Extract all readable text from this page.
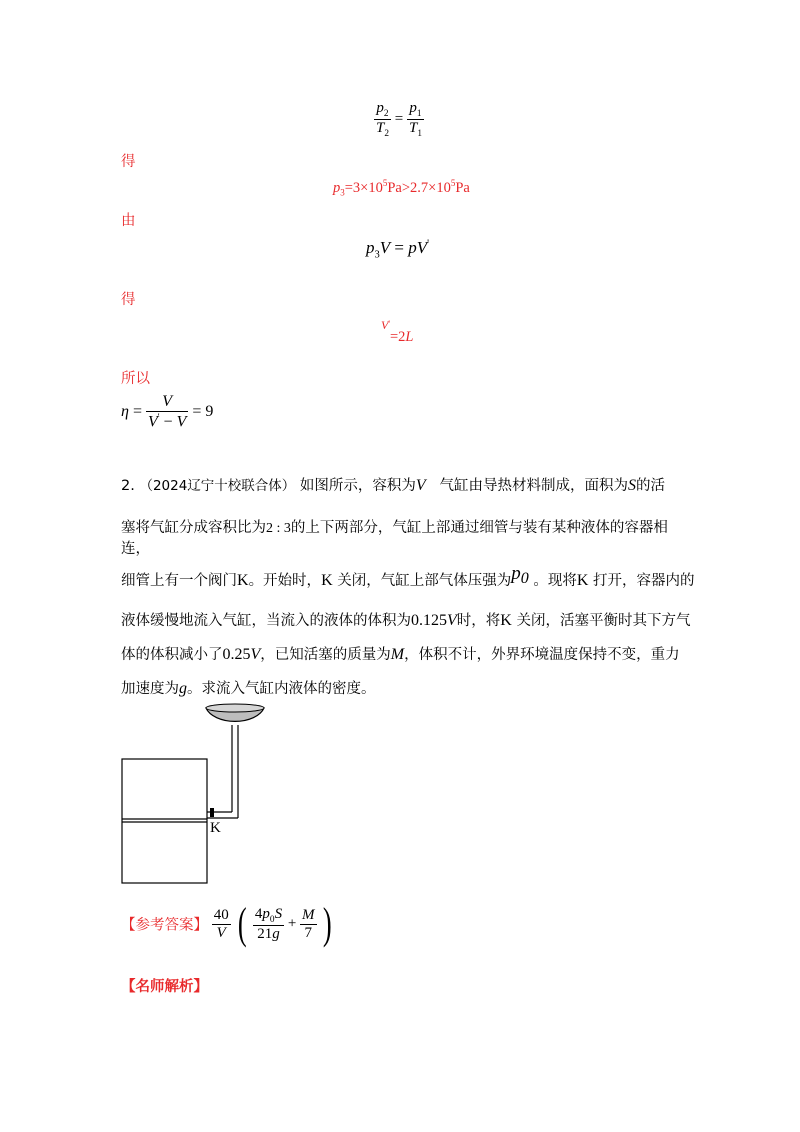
$\frac{p_2}{T_2} = \frac{p_1}{T_1}$
得
$p_3=3\times 10^5Pa>2.7\times 10^5Pa$
由
$p_3V = pV'$
得
$^{V'}$=2L
所以
$\eta = \frac{V}{V' - V} = 9$
2. （2024辽宁十校联合体） 如图所示，容积为V 气缸由导热材料制成，面积为S的活
塞将气缸分成容积比为2 : 3的上下两部分，气缸上部通过细管与装有某种液体的容器相连，
细管上有一个阀门K。开始时，K 关闭，气缸上部气体压强为$p_0$ 。现将K 打开，容器内的
液体缓慢地流入气缸，当流入的液体的体积为0.125V时，将K 关闭，活塞平衡时其下方气
体的体积减小了0.25V，已知活塞的质量为M，体积不计，外界环境温度保持不变，重力
加速度为g。求流入气缸内液体的密度。
K
【参考答案】 $\frac{40}{V}$ ( $\frac{4p_0S}{21g} + \frac{M}{7}$ )
【名师解析】
